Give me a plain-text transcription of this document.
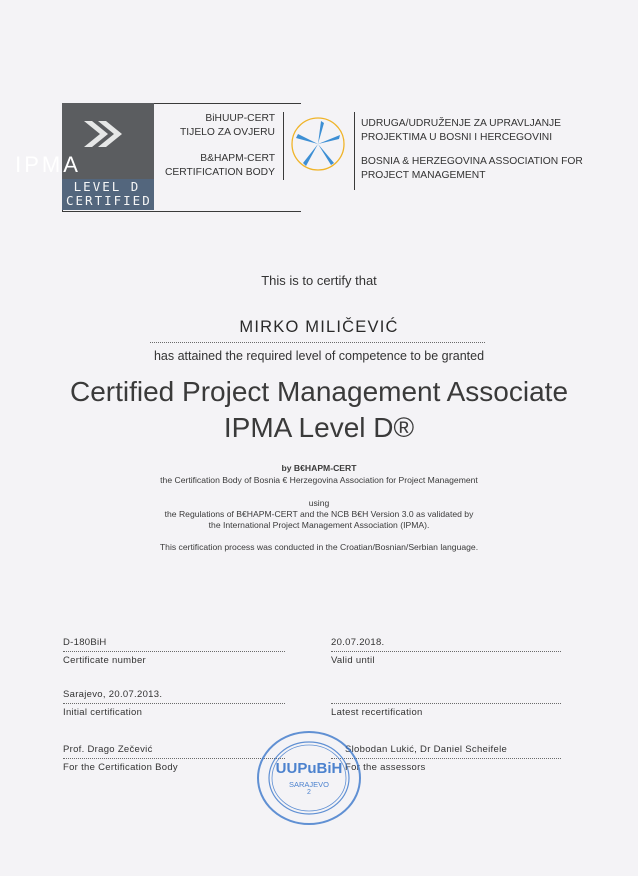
IPMA
LEVEL D
CERTIFIED
BiHUUP-CERT
TIJELO ZA OVJERU
B&HAPM-CERT
CERTIFICATION BODY
UDRUGA/UDRUŽENJE ZA UPRAVLJANJE
PROJEKTIMA U BOSNI I HERCEGOVINI
BOSNIA & HERZEGOVINA ASSOCIATION FOR
PROJECT MANAGEMENT
This is to certify that
MIRKO MILIČEVIĆ
has attained the required level of competence to be granted
Certified Project Management Associate
IPMA Level D®
by B€HAPM-CERT
the Certification Body of Bosnia € Herzegovina Association for Project Management
using
the Regulations of B€HAPM-CERT and the NCB B€H Version 3.0 as validated by
the International Project Management Association (IPMA).
This certification process was conducted in the Croatian/Bosnian/Serbian language.
D-180BiH
Certificate number
20.07.2018.
Valid until
Sarajevo, 20.07.2013.
Initial certification	Latest recertification
Prof. Drago Zečević
For the Certification Body
Slobodan Lukić, Dr Daniel Scheifele
For the assessors
UUPuBiH
SARAJEVO
2
